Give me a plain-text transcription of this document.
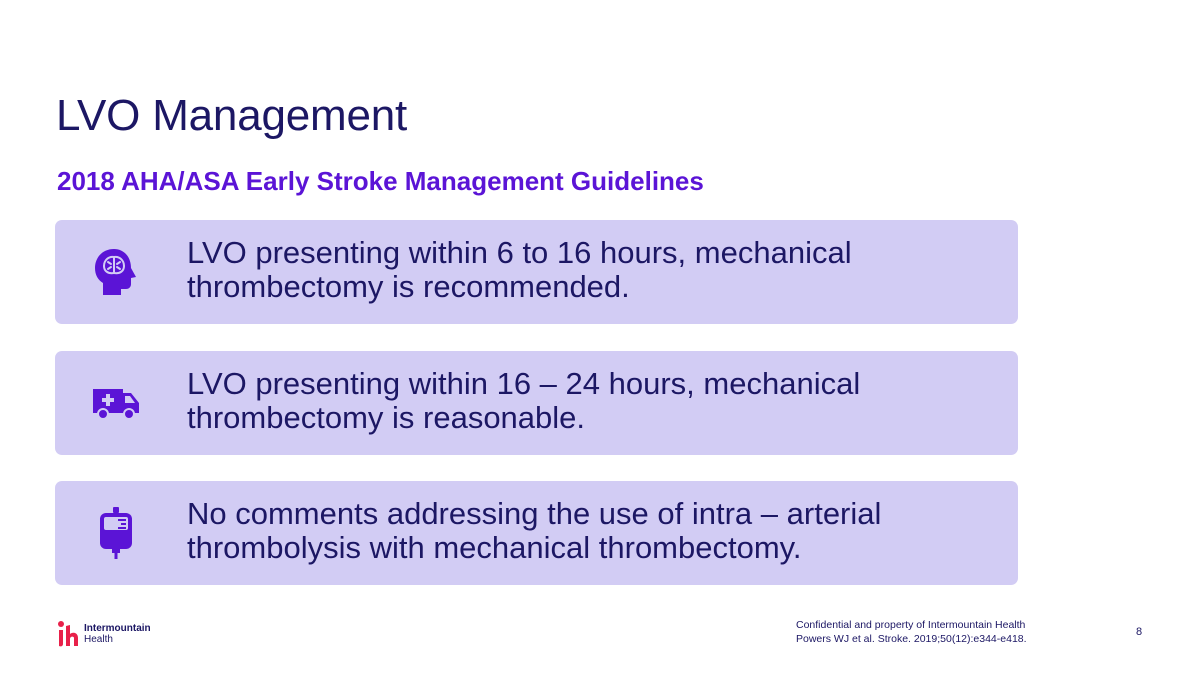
LVO Management
2018 AHA/ASA Early Stroke Management Guidelines
LVO presenting within 6 to 16 hours, mechanical thrombectomy is recommended.
LVO presenting within 16 – 24 hours, mechanical thrombectomy is reasonable.
No comments addressing the use of intra – arterial thrombolysis with mechanical thrombectomy.
Intermountain
Health
Confidential and property of Intermountain Health
Powers WJ et al. Stroke. 2019;50(12):e344-e418.
8
